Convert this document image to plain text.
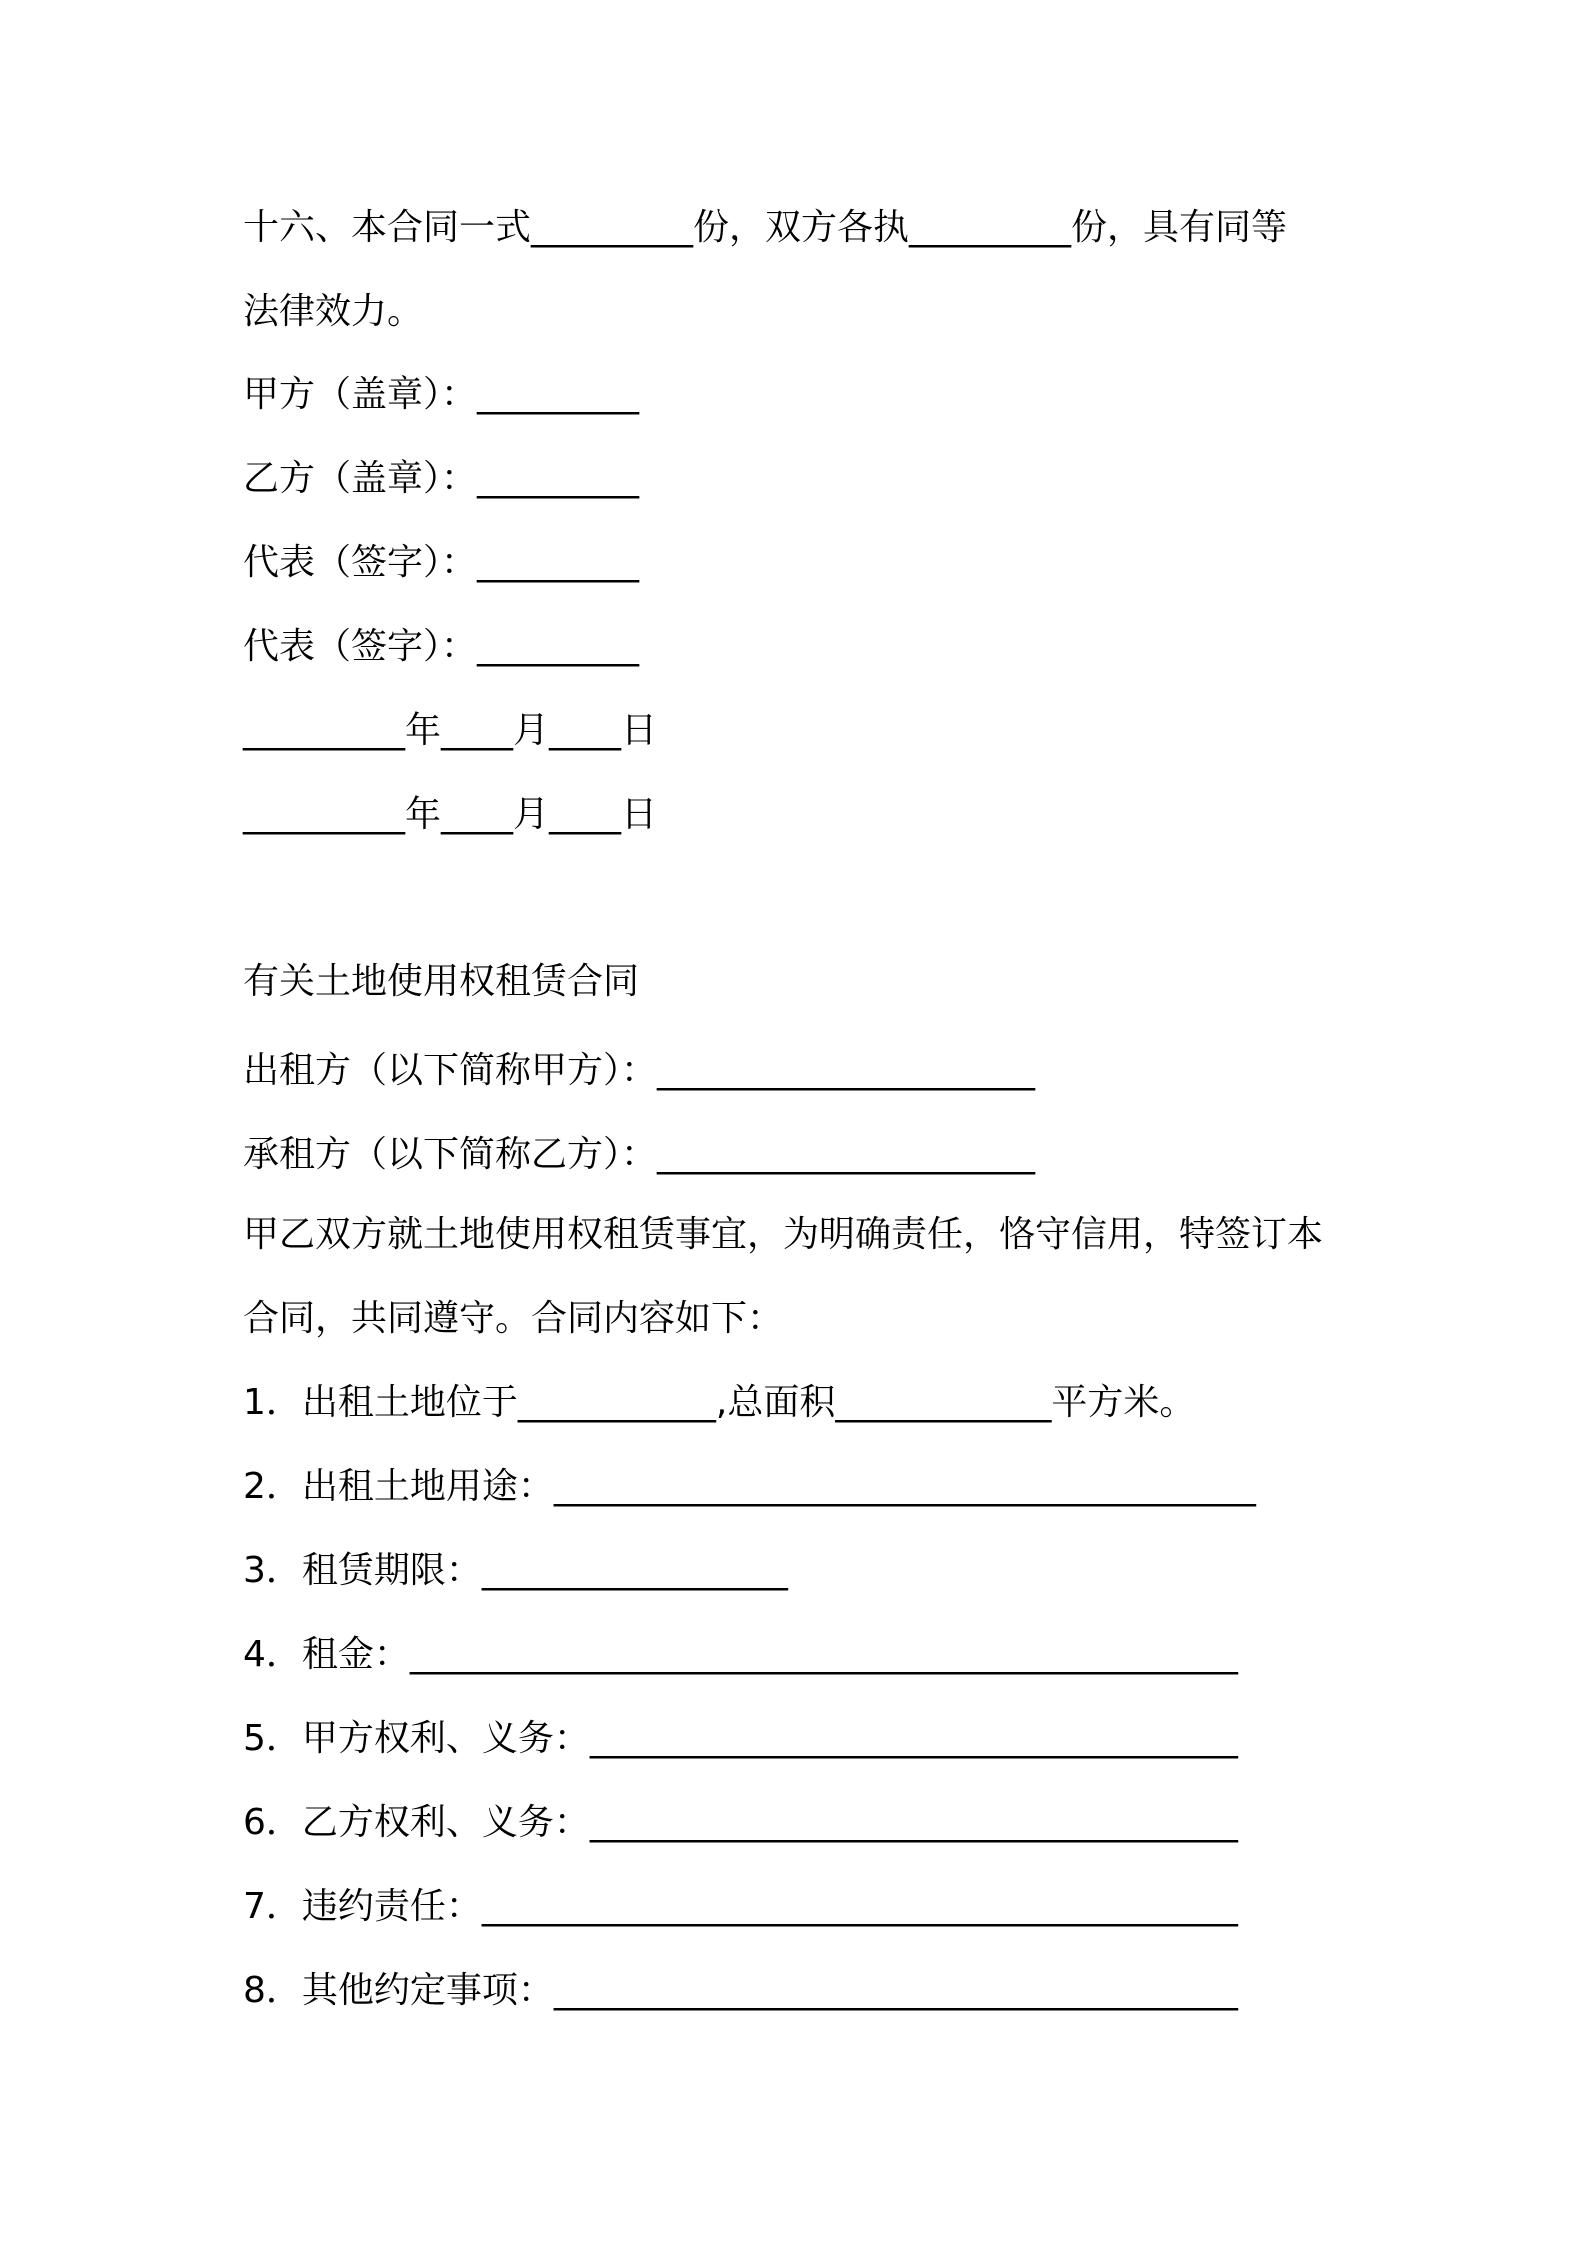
十六、本合同一式_________份，双方各执_________份，具有同等
法律效力。
甲方（盖章）：_________
乙方（盖章）：_________
代表（签字）：_________
代表（签字）：_________
_________年____月____日
_________年____月____日
有关土地使用权租赁合同
出租方（以下简称甲方）：_____________________
承租方（以下简称乙方）：_____________________
甲乙双方就土地使用权租赁事宜，为明确责任，恪守信用，特签订本
合同，共同遵守。合同内容如下：
1．出租土地位于___________,总面积____________平方米。
2．出租土地用途：_______________________________________
3．租赁期限：_________________
4．租金：______________________________________________
5．甲方权利、义务：____________________________________
6．乙方权利、义务：____________________________________
7．违约责任：__________________________________________
8．其他约定事项：______________________________________
